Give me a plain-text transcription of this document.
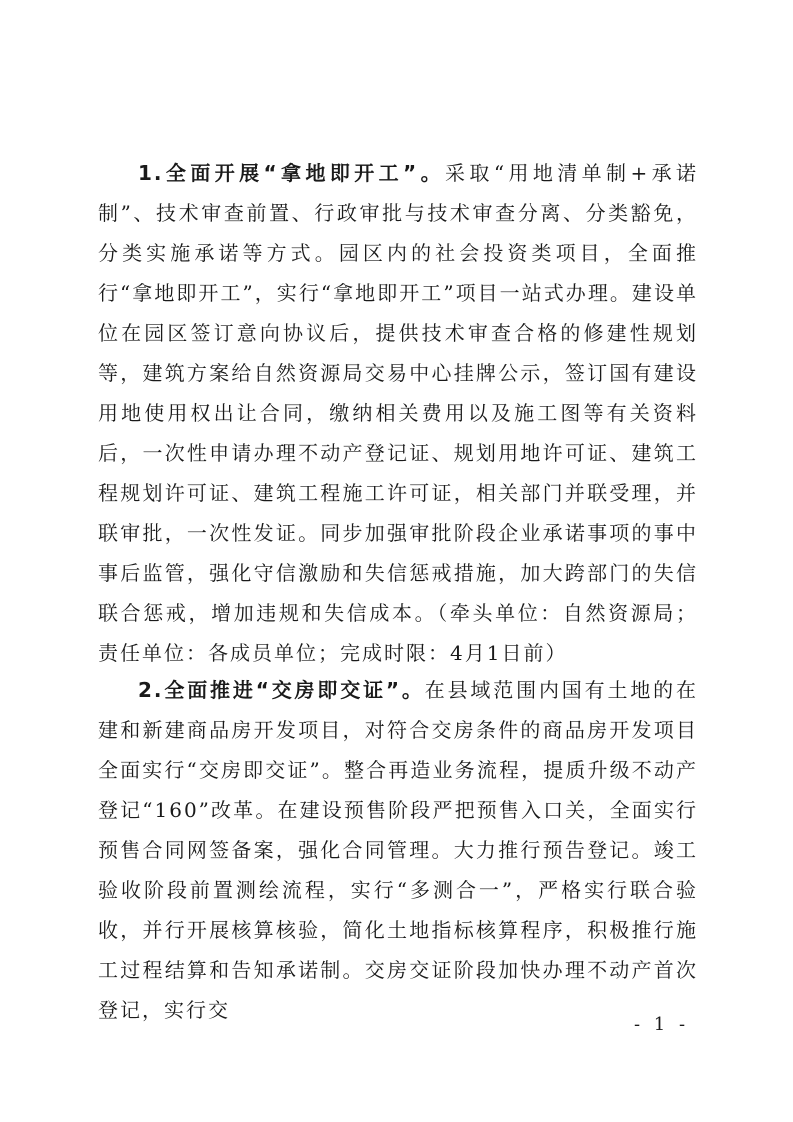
1.全面开展“拿地即开工”。采取“用地清单制+承诺制”、技术审查前置、行政审批与技术审查分离、分类豁免，分类实施承诺等方式。园区内的社会投资类项目，全面推行“拿地即开工”，实行“拿地即开工”项目一站式办理。建设单位在园区签订意向协议后，提供技术审查合格的修建性规划等，建筑方案给自然资源局交易中心挂牌公示，签订国有建设用地使用权出让合同，缴纳相关费用以及施工图等有关资料后，一次性申请办理不动产登记证、规划用地许可证、建筑工程规划许可证、建筑工程施工许可证，相关部门并联受理，并联审批，一次性发证。同步加强审批阶段企业承诺事项的事中事后监管，强化守信激励和失信惩戒措施，加大跨部门的失信联合惩戒，增加违规和失信成本。（牵头单位：自然资源局；责任单位：各成员单位；完成时限：4月1日前）

2.全面推进“交房即交证”。在县域范围内国有土地的在建和新建商品房开发项目，对符合交房条件的商品房开发项目全面实行“交房即交证”。整合再造业务流程，提质升级不动产登记“160”改革。在建设预售阶段严把预售入口关，全面实行预售合同网签备案，强化合同管理。大力推行预告登记。竣工验收阶段前置测绘流程，实行“多测合一”，严格实行联合验收，并行开展核算核验，简化土地指标核算程序，积极推行施工过程结算和告知承诺制。交房交证阶段加快办理不动产首次登记，实行交

- 1 -
